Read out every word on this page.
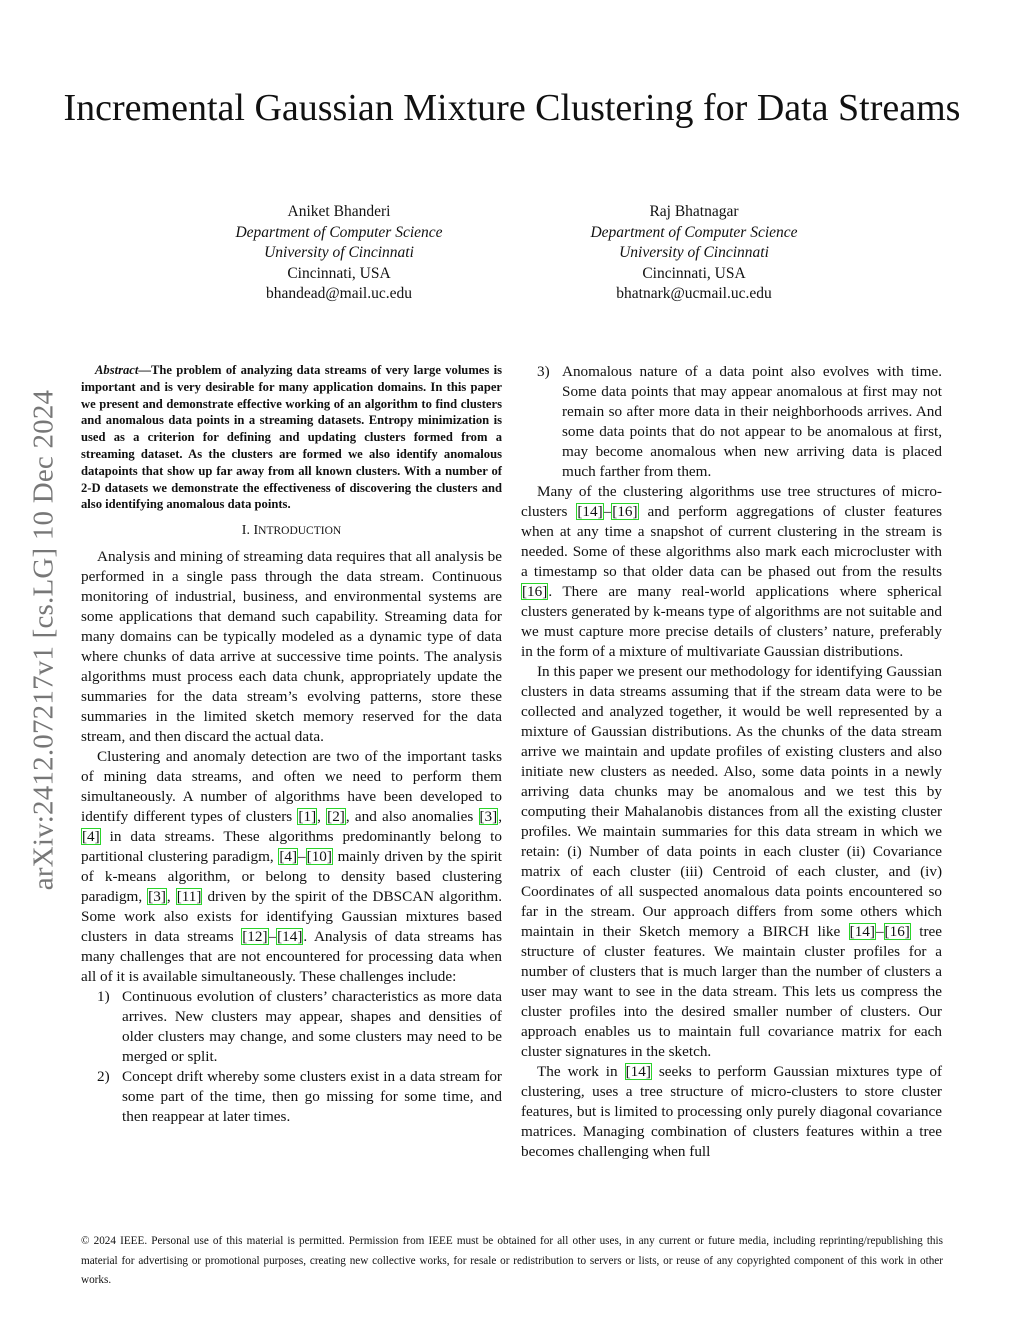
Incremental Gaussian Mixture Clustering for Data Streams
Aniket Bhanderi
Department of Computer Science
University of Cincinnati
Cincinnati, USA
bhandead@mail.uc.edu
Raj Bhatnagar
Department of Computer Science
University of Cincinnati
Cincinnati, USA
bhatnark@ucmail.uc.edu
arXiv:2412.07217v1 [cs.LG] 10 Dec 2024
Abstract—The problem of analyzing data streams of very large volumes is important and is very desirable for many application domains. In this paper we present and demonstrate effective working of an algorithm to find clusters and anomalous data points in a streaming datasets. Entropy minimization is used as a criterion for defining and updating clusters formed from a streaming dataset. As the clusters are formed we also identify anomalous datapoints that show up far away from all known clusters. With a number of 2-D datasets we demonstrate the effectiveness of discovering the clusters and also identifying anomalous data points.
I. INTRODUCTION

Analysis and mining of streaming data requires that all analysis be performed in a single pass through the data stream. Continuous monitoring of industrial, business, and environmental systems are some applications that demand such capability. Streaming data for many domains can be typically modeled as a dynamic type of data where chunks of data arrive at successive time points. The analysis algorithms must process each data chunk, appropriately update the summaries for the data stream’s evolving patterns, store these summaries in the limited sketch memory reserved for the data stream, and then discard the actual data.

Clustering and anomaly detection are two of the important tasks of mining data streams, and often we need to perform them simultaneously. A number of algorithms have been developed to identify different types of clusters [1], [2], and also anomalies [3], [4] in data streams. These algorithms predominantly belong to partitional clustering paradigm, [4]–[10] mainly driven by the spirit of k-means algorithm, or belong to density based clustering paradigm, [3], [11] driven by the spirit of the DBSCAN algorithm. Some work also exists for identifying Gaussian mixtures based clusters in data streams [12]–[14]. Analysis of data streams has many challenges that are not encountered for processing data when all of it is available simultaneously. These challenges include:

1) Continuous evolution of clusters’ characteristics as more data arrives. New clusters may appear, shapes and densities of older clusters may change, and some clusters may need to be merged or split.
2) Concept drift whereby some clusters exist in a data stream for some part of the time, then go missing for some time, and then reappear at later times.
3) Anomalous nature of a data point also evolves with time. Some data points that may appear anomalous at first may not remain so after more data in their neighborhoods arrives. And some data points that do not appear to be anomalous at first, may become anomalous when new arriving data is placed much farther from them.

Many of the clustering algorithms use tree structures of micro-clusters [14]–[16] and perform aggregations of cluster features when at any time a snapshot of current clustering in the stream is needed. Some of these algorithms also mark each microcluster with a timestamp so that older data can be phased out from the results [16]. There are many real-world applications where spherical clusters generated by k-means type of algorithms are not suitable and we must capture more precise details of clusters’ nature, preferably in the form of a mixture of multivariate Gaussian distributions.

In this paper we present our methodology for identifying Gaussian clusters in data streams assuming that if the stream data were to be collected and analyzed together, it would be well represented by a mixture of Gaussian distributions. As the chunks of the data stream arrive we maintain and update profiles of existing clusters and also initiate new clusters as needed. Also, some data points in a newly arriving data chunks may be anomalous and we test this by computing their Mahalanobis distances from all the existing cluster profiles. We maintain summaries for this data stream in which we retain: (i) Number of data points in each cluster (ii) Covariance matrix of each cluster (iii) Centroid of each cluster, and (iv) Coordinates of all suspected anomalous data points encountered so far in the stream. Our approach differs from some others which maintain in their Sketch memory a BIRCH like [14]–[16] tree structure of cluster features. We maintain cluster profiles for a number of clusters that is much larger than the number of clusters a user may want to see in the data stream. This lets us compress the cluster profiles into the desired smaller number of clusters. Our approach enables us to maintain full covariance matrix for each cluster signatures in the sketch.

The work in [14] seeks to perform Gaussian mixtures type of clustering, uses a tree structure of micro-clusters to store cluster features, but is limited to processing only purely diagonal covariance matrices. Managing combination of clusters features within a tree becomes challenging when full

© 2024 IEEE. Personal use of this material is permitted. Permission from IEEE must be obtained for all other uses, in any current or future media, including reprinting/republishing this material for advertising or promotional purposes, creating new collective works, for resale or redistribution to servers or lists, or reuse of any copyrighted component of this work in other works.
